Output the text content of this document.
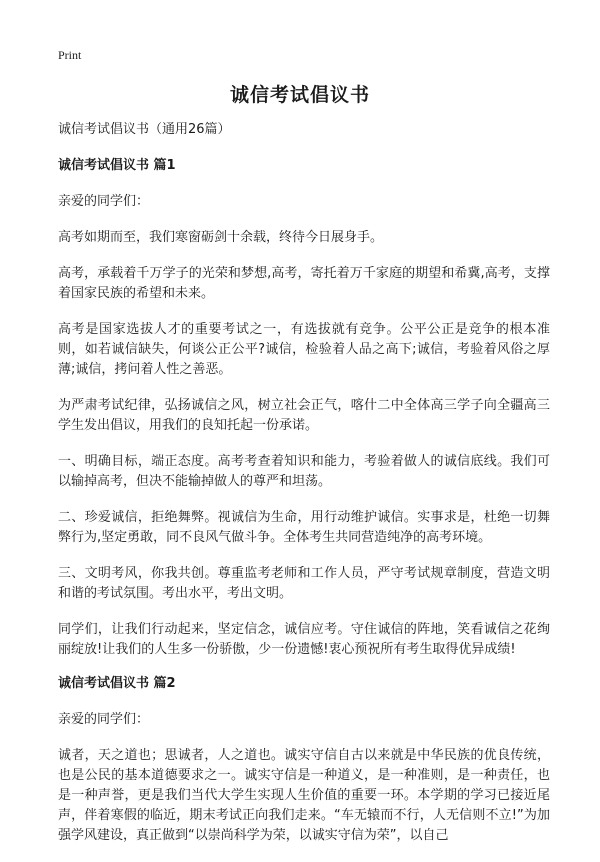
Print
诚信考试倡议书
诚信考试倡议书（通用26篇）
诚信考试倡议书 篇1

亲爱的同学们：

高考如期而至，我们寒窗砺剑十余载，终待今日展身手。

高考，承载着千万学子的光荣和梦想,高考，寄托着万千家庭的期望和希冀,高考，支撑着国家民族的希望和未来。

高考是国家选拔人才的重要考试之一，有选拔就有竞争。公平公正是竞争的根本准则，如若诚信缺失，何谈公正公平?诚信，检验着人品之高下;诚信，考验着风俗之厚薄;诚信，拷问着人性之善恶。

为严肃考试纪律，弘扬诚信之风，树立社会正气，喀什二中全体高三学子向全疆高三学生发出倡议，用我们的良知托起一份承诺。

一、明确目标，端正态度。高考考查着知识和能力，考验着做人的诚信底线。我们可以输掉高考，但决不能输掉做人的尊严和坦荡。

二、珍爱诚信，拒绝舞弊。视诚信为生命，用行动维护诚信。实事求是，杜绝一切舞弊行为,坚定勇敢，同不良风气做斗争。全体考生共同营造纯净的高考环境。

三、文明考风，你我共创。尊重监考老师和工作人员，严守考试规章制度，营造文明和谐的考试氛围。考出水平，考出文明。

同学们，让我们行动起来，坚定信念，诚信应考。守住诚信的阵地，笑看诚信之花绚丽绽放!让我们的人生多一份骄傲，少一份遗憾!衷心预祝所有考生取得优异成绩!

诚信考试倡议书 篇2

亲爱的同学们：

诚者，天之道也；思诚者，人之道也。诚实守信自古以来就是中华民族的优良传统，也是公民的基本道德要求之一。诚实守信是一种道义，是一种准则，是一种责任，也是一种声誉，更是我们当代大学生实现人生价值的重要一环。本学期的学习已接近尾声，伴着寒假的临近，期末考试正向我们走来。“车无辕而不行，人无信则不立!”为加强学风建设，真正做到“以崇尚科学为荣，以诚实守信为荣”，以自己
